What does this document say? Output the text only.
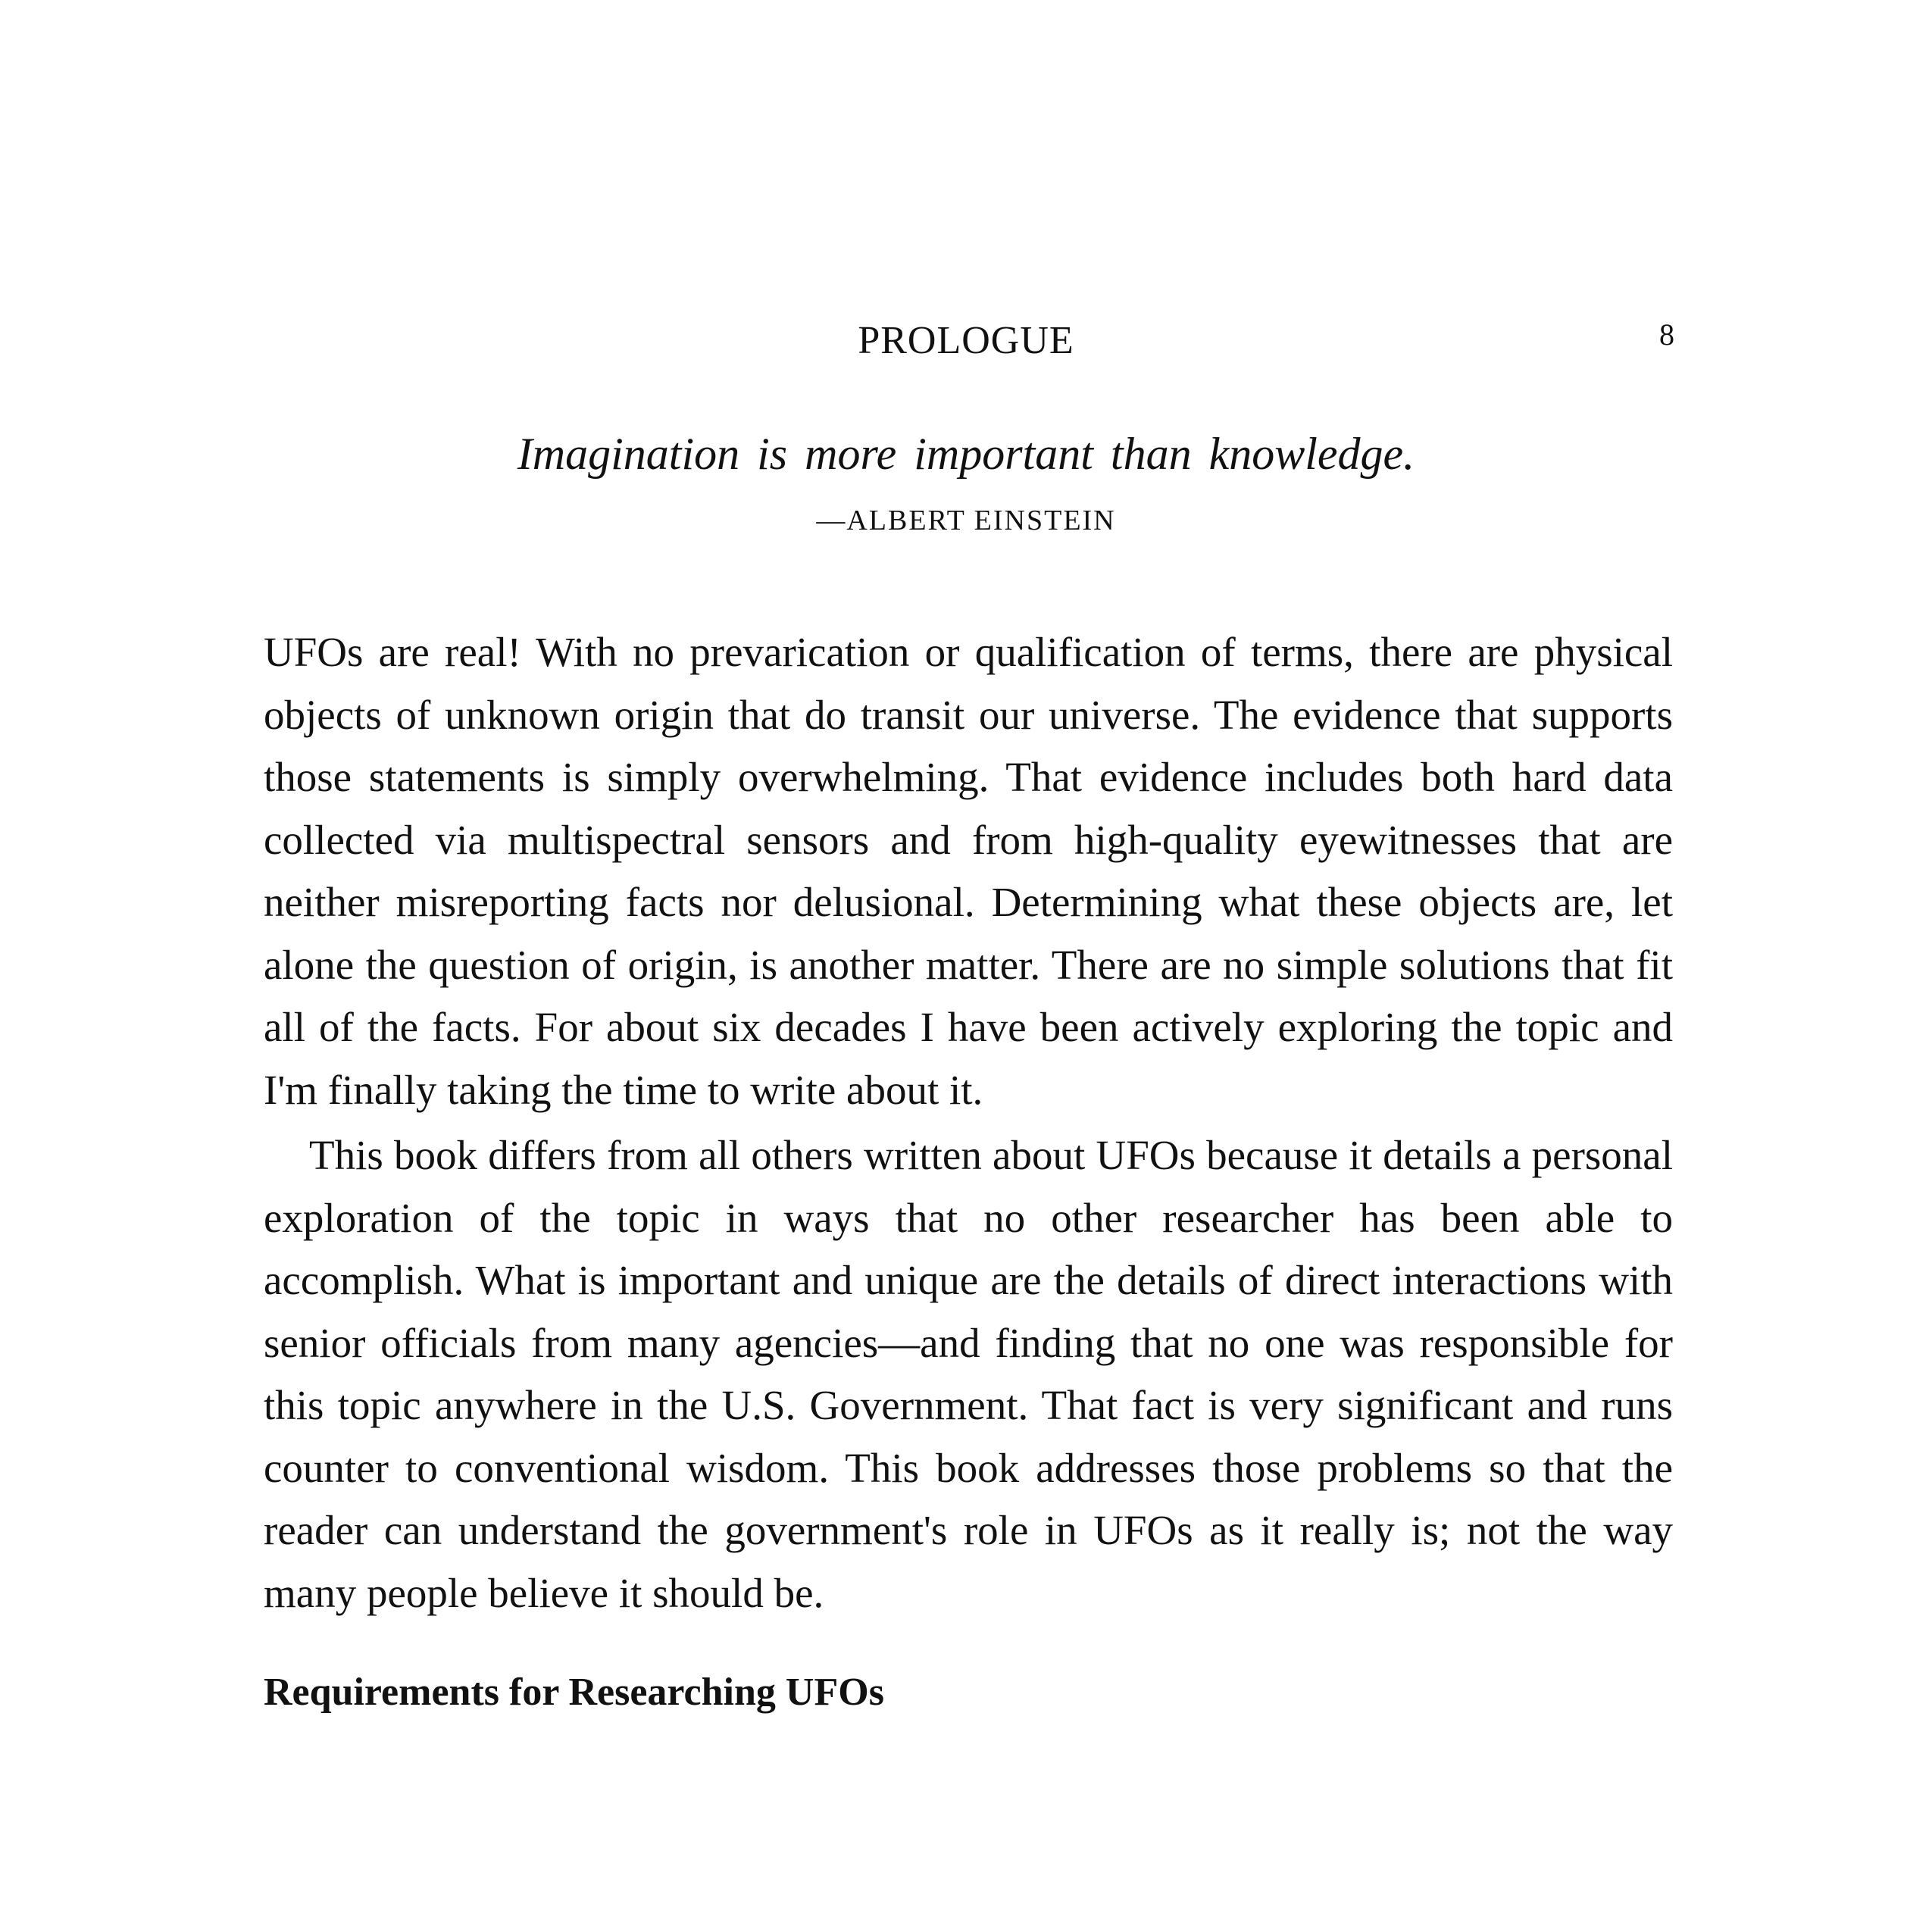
PROLOGUE	8

Imagination is more important than knowledge.

—ALBERT EINSTEIN

UFOs are real! With no prevarication or qualification of terms, there are physical objects of unknown origin that do transit our universe. The evidence that supports those statements is simply overwhelming. That evidence includes both hard data collected via multispectral sensors and from high-quality eyewitnesses that are neither misreporting facts nor delusional. Determining what these objects are, let alone the question of origin, is another matter. There are no simple solutions that fit all of the facts. For about six decades I have been actively exploring the topic and I'm finally taking the time to write about it.

This book differs from all others written about UFOs because it details a personal exploration of the topic in ways that no other researcher has been able to accomplish. What is important and unique are the details of direct interactions with senior officials from many agencies—and finding that no one was responsible for this topic anywhere in the U.S. Government. That fact is very significant and runs counter to conventional wisdom. This book addresses those problems so that the reader can understand the government's role in UFOs as it really is; not the way many people believe it should be.

Requirements for Researching UFOs
